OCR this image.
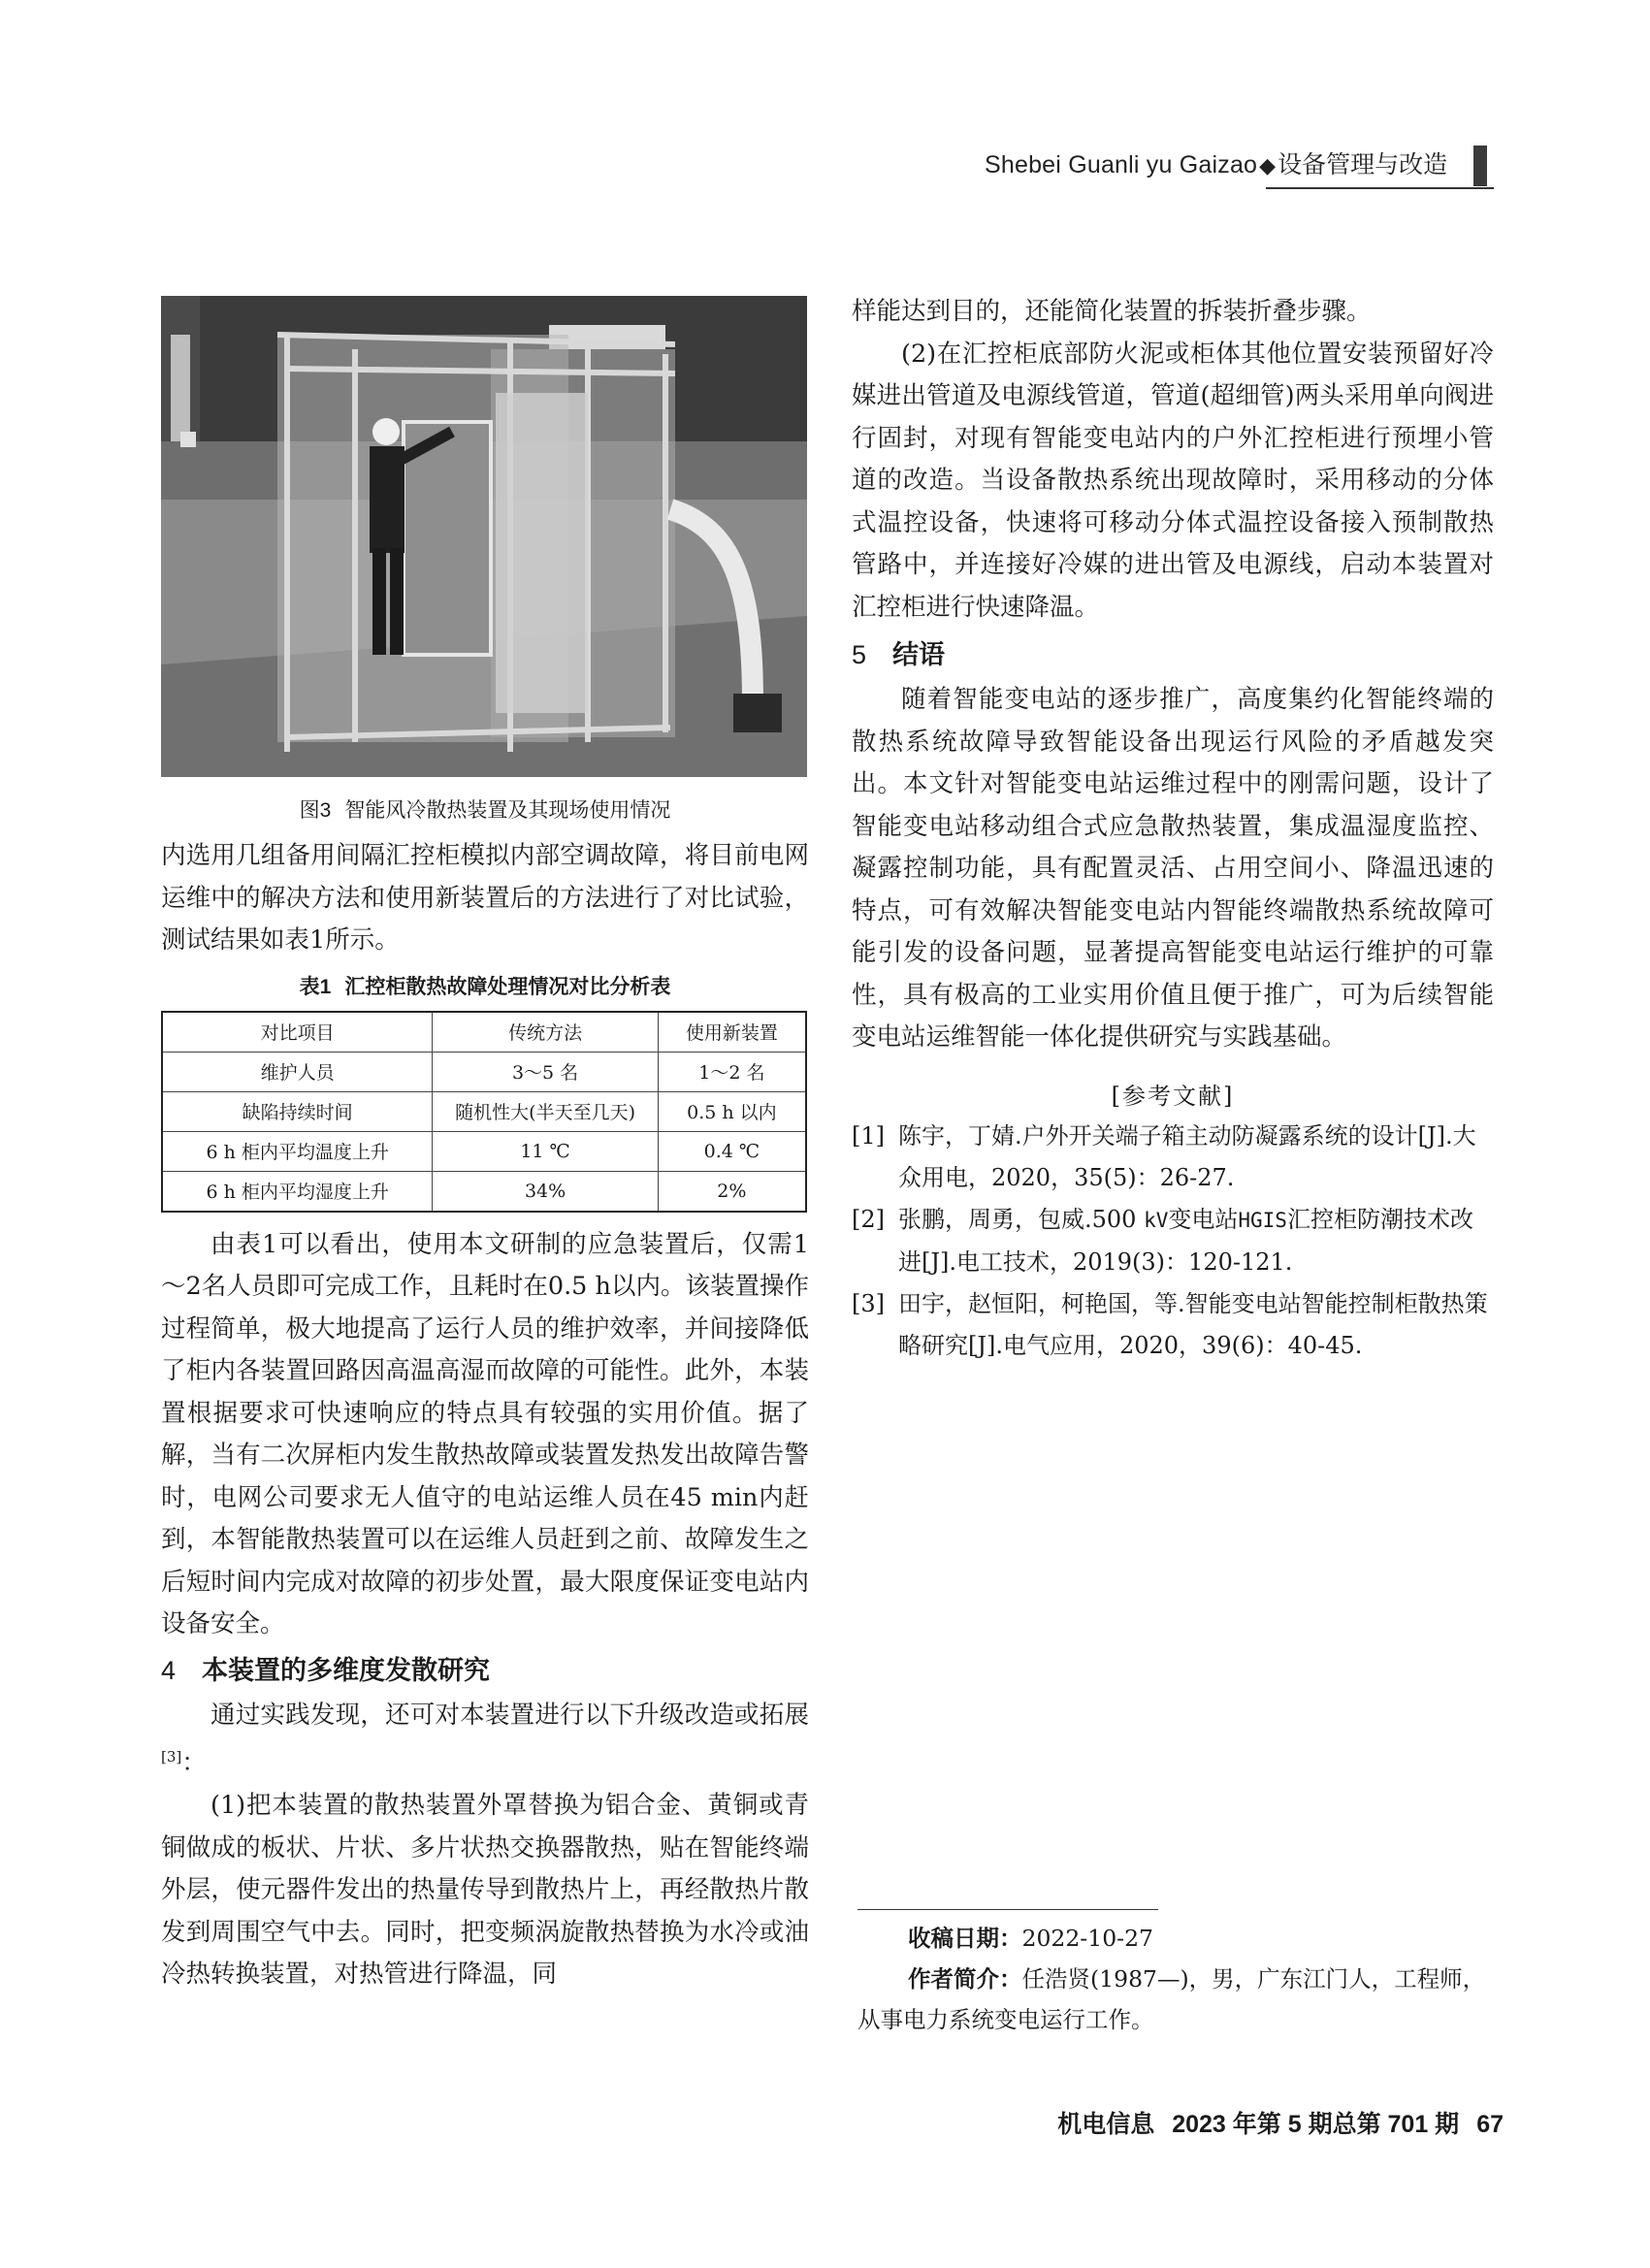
Shebei Guanli yu Gaizao◆设备管理与改造
图3 智能风冷散热装置及其现场使用情况

内选用几组备用间隔汇控柜模拟内部空调故障，将目前电网运维中的解决方法和使用新装置后的方法进行了对比试验，测试结果如表1所示。

表1 汇控柜散热故障处理情况对比分析表
对比项目	传统方法	使用新装置
维护人员	3～5 名	1～2 名
缺陷持续时间	随机性大(半天至几天)	0.5 h 以内
6 h 柜内平均温度上升	11 ℃	0.4 ℃
6 h 柜内平均湿度上升	34%	2%

由表1可以看出，使用本文研制的应急装置后，仅需1～2名人员即可完成工作，且耗时在0.5 h以内。该装置操作过程简单，极大地提高了运行人员的维护效率，并间接降低了柜内各装置回路因高温高湿而故障的可能性。此外，本装置根据要求可快速响应的特点具有较强的实用价值。据了解，当有二次屏柜内发生散热故障或装置发热发出故障告警时，电网公司要求无人值守的电站运维人员在45 min内赶到，本智能散热装置可以在运维人员赶到之前、故障发生之后短时间内完成对故障的初步处置，最大限度保证变电站内设备安全。

4 本装置的多维度发散研究

通过实践发现，还可对本装置进行以下升级改造或拓展[3]：

(1)把本装置的散热装置外罩替换为铝合金、黄铜或青铜做成的板状、片状、多片状热交换器散热，贴在智能终端外层，使元器件发出的热量传导到散热片上，再经散热片散发到周围空气中去。同时，把变频涡旋散热替换为水冷或油冷热转换装置，对热管进行降温，同

样能达到目的，还能简化装置的拆装折叠步骤。

(2)在汇控柜底部防火泥或柜体其他位置安装预留好冷媒进出管道及电源线管道，管道(超细管)两头采用单向阀进行固封，对现有智能变电站内的户外汇控柜进行预埋小管道的改造。当设备散热系统出现故障时，采用移动的分体式温控设备，快速将可移动分体式温控设备接入预制散热管路中，并连接好冷媒的进出管及电源线，启动本装置对汇控柜进行快速降温。

5 结语

随着智能变电站的逐步推广，高度集约化智能终端的散热系统故障导致智能设备出现运行风险的矛盾越发突出。本文针对智能变电站运维过程中的刚需问题，设计了智能变电站移动组合式应急散热装置，集成温湿度监控、凝露控制功能，具有配置灵活、占用空间小、降温迅速的特点，可有效解决智能变电站内智能终端散热系统故障可能引发的设备问题，显著提高智能变电站运行维护的可靠性，具有极高的工业实用价值且便于推广，可为后续智能变电站运维智能一体化提供研究与实践基础。

[参考文献]

[1] 陈宇，丁婧.户外开关端子箱主动防凝露系统的设计[J].大众用电，2020，35(5)：26-27.

[2] 张鹏，周勇，包威.500 kV变电站HGIS汇控柜防潮技术改进[J].电工技术，2019(3)：120-121.

[3] 田宇，赵恒阳，柯艳国，等.智能变电站智能控制柜散热策略研究[J].电气应用，2020，39(6)：40-45.

收稿日期：2022-10-27

作者简介：任浩贤(1987—)，男，广东江门人，工程师，从事电力系统变电运行工作。

机电信息 2023 年第 5 期总第 701 期 67
